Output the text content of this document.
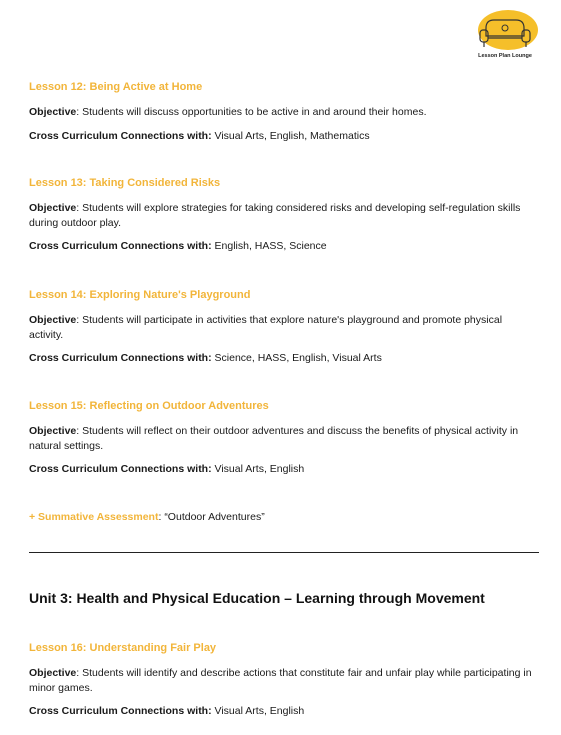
Lesson Plan Lounge

Lesson 12: Being Active at Home

Objective: Students will discuss opportunities to be active in and around their homes.

Cross Curriculum Connections with: Visual Arts, English, Mathematics

Lesson 13: Taking Considered Risks

Objective: Students will explore strategies for taking considered risks and developing self-regulation skills during outdoor play.

Cross Curriculum Connections with: English, HASS, Science

Lesson 14: Exploring Nature's Playground

Objective: Students will participate in activities that explore nature's playground and promote physical activity.

Cross Curriculum Connections with: Science, HASS, English, Visual Arts

Lesson 15: Reflecting on Outdoor Adventures

Objective: Students will reflect on their outdoor adventures and discuss the benefits of physical activity in natural settings.

Cross Curriculum Connections with: Visual Arts, English

+ Summative Assessment: “Outdoor Adventures”
Unit 3: Health and Physical Education – Learning through Movement

Lesson 16: Understanding Fair Play

Objective: Students will identify and describe actions that constitute fair and unfair play while participating in minor games.

Cross Curriculum Connections with: Visual Arts, English
